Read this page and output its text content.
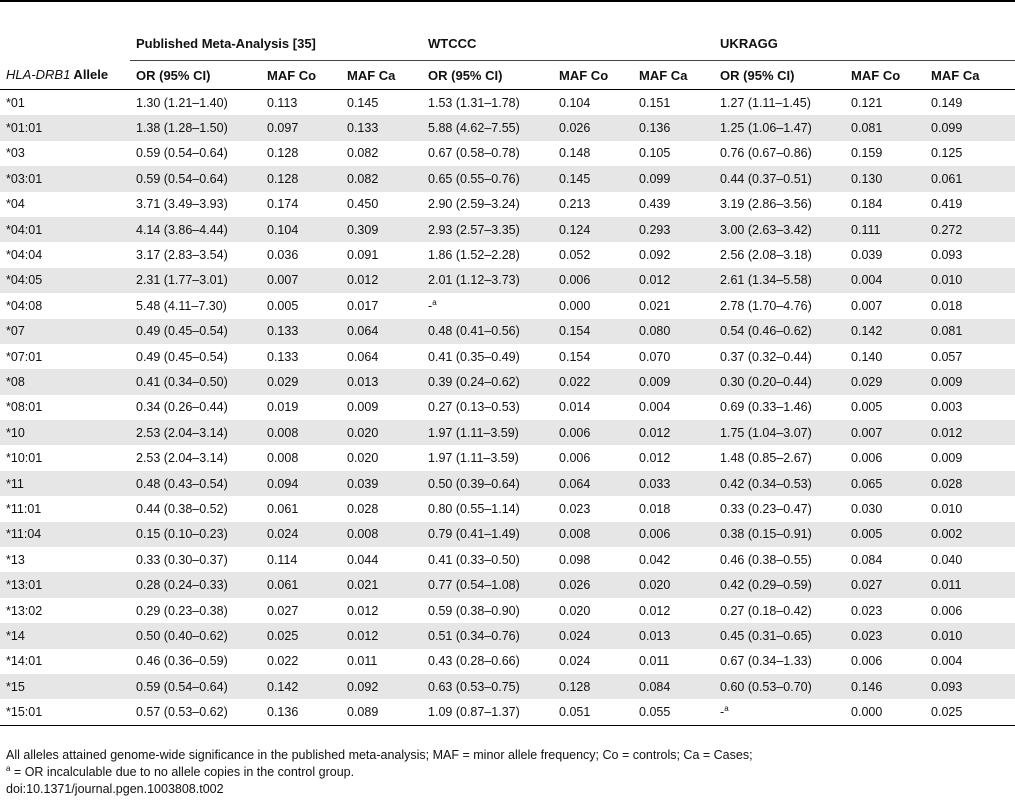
	Published Meta-Analysis [35]			WTCCC			UKRAGG		
HLA-DRB1 Allele	OR (95% CI)	MAF Co	MAF Ca	OR (95% CI)	MAF Co	MAF Ca	OR (95% CI)	MAF Co	MAF Ca
*01	1.30 (1.21–1.40)	0.113	0.145	1.53 (1.31–1.78)	0.104	0.151	1.27 (1.11–1.45)	0.121	0.149
*01:01	1.38 (1.28–1.50)	0.097	0.133	5.88 (4.62–7.55)	0.026	0.136	1.25 (1.06–1.47)	0.081	0.099
*03	0.59 (0.54–0.64)	0.128	0.082	0.67 (0.58–0.78)	0.148	0.105	0.76 (0.67–0.86)	0.159	0.125
*03:01	0.59 (0.54–0.64)	0.128	0.082	0.65 (0.55–0.76)	0.145	0.099	0.44 (0.37–0.51)	0.130	0.061
*04	3.71 (3.49–3.93)	0.174	0.450	2.90 (2.59–3.24)	0.213	0.439	3.19 (2.86–3.56)	0.184	0.419
*04:01	4.14 (3.86–4.44)	0.104	0.309	2.93 (2.57–3.35)	0.124	0.293	3.00 (2.63–3.42)	0.111	0.272
*04:04	3.17 (2.83–3.54)	0.036	0.091	1.86 (1.52–2.28)	0.052	0.092	2.56 (2.08–3.18)	0.039	0.093
*04:05	2.31 (1.77–3.01)	0.007	0.012	2.01 (1.12–3.73)	0.006	0.012	2.61 (1.34–5.58)	0.004	0.010
*04:08	5.48 (4.11–7.30)	0.005	0.017	-$^a$	0.000	0.021	2.78 (1.70–4.76)	0.007	0.018
*07	0.49 (0.45–0.54)	0.133	0.064	0.48 (0.41–0.56)	0.154	0.080	0.54 (0.46–0.62)	0.142	0.081
*07:01	0.49 (0.45–0.54)	0.133	0.064	0.41 (0.35–0.49)	0.154	0.070	0.37 (0.32–0.44)	0.140	0.057
*08	0.41 (0.34–0.50)	0.029	0.013	0.39 (0.24–0.62)	0.022	0.009	0.30 (0.20–0.44)	0.029	0.009
*08:01	0.34 (0.26–0.44)	0.019	0.009	0.27 (0.13–0.53)	0.014	0.004	0.69 (0.33–1.46)	0.005	0.003
*10	2.53 (2.04–3.14)	0.008	0.020	1.97 (1.11–3.59)	0.006	0.012	1.75 (1.04–3.07)	0.007	0.012
*10:01	2.53 (2.04–3.14)	0.008	0.020	1.97 (1.11–3.59)	0.006	0.012	1.48 (0.85–2.67)	0.006	0.009
*11	0.48 (0.43–0.54)	0.094	0.039	0.50 (0.39–0.64)	0.064	0.033	0.42 (0.34–0.53)	0.065	0.028
*11:01	0.44 (0.38–0.52)	0.061	0.028	0.80 (0.55–1.14)	0.023	0.018	0.33 (0.23–0.47)	0.030	0.010
*11:04	0.15 (0.10–0.23)	0.024	0.008	0.79 (0.41–1.49)	0.008	0.006	0.38 (0.15–0.91)	0.005	0.002
*13	0.33 (0.30–0.37)	0.114	0.044	0.41 (0.33–0.50)	0.098	0.042	0.46 (0.38–0.55)	0.084	0.040
*13:01	0.28 (0.24–0.33)	0.061	0.021	0.77 (0.54–1.08)	0.026	0.020	0.42 (0.29–0.59)	0.027	0.011
*13:02	0.29 (0.23–0.38)	0.027	0.012	0.59 (0.38–0.90)	0.020	0.012	0.27 (0.18–0.42)	0.023	0.006
*14	0.50 (0.40–0.62)	0.025	0.012	0.51 (0.34–0.76)	0.024	0.013	0.45 (0.31–0.65)	0.023	0.010
*14:01	0.46 (0.36–0.59)	0.022	0.011	0.43 (0.28–0.66)	0.024	0.011	0.67 (0.34–1.33)	0.006	0.004
*15	0.59 (0.54–0.64)	0.142	0.092	0.63 (0.53–0.75)	0.128	0.084	0.60 (0.53–0.70)	0.146	0.093
*15:01	0.57 (0.53–0.62)	0.136	0.089	1.09 (0.87–1.37)	0.051	0.055	-$^a$	0.000	0.025

All alleles attained genome-wide significance in the published meta-analysis; MAF = minor allele frequency; Co = controls; Ca = Cases;

$^a$ = OR incalculable due to no allele copies in the control group.

doi:10.1371/journal.pgen.1003808.t002
